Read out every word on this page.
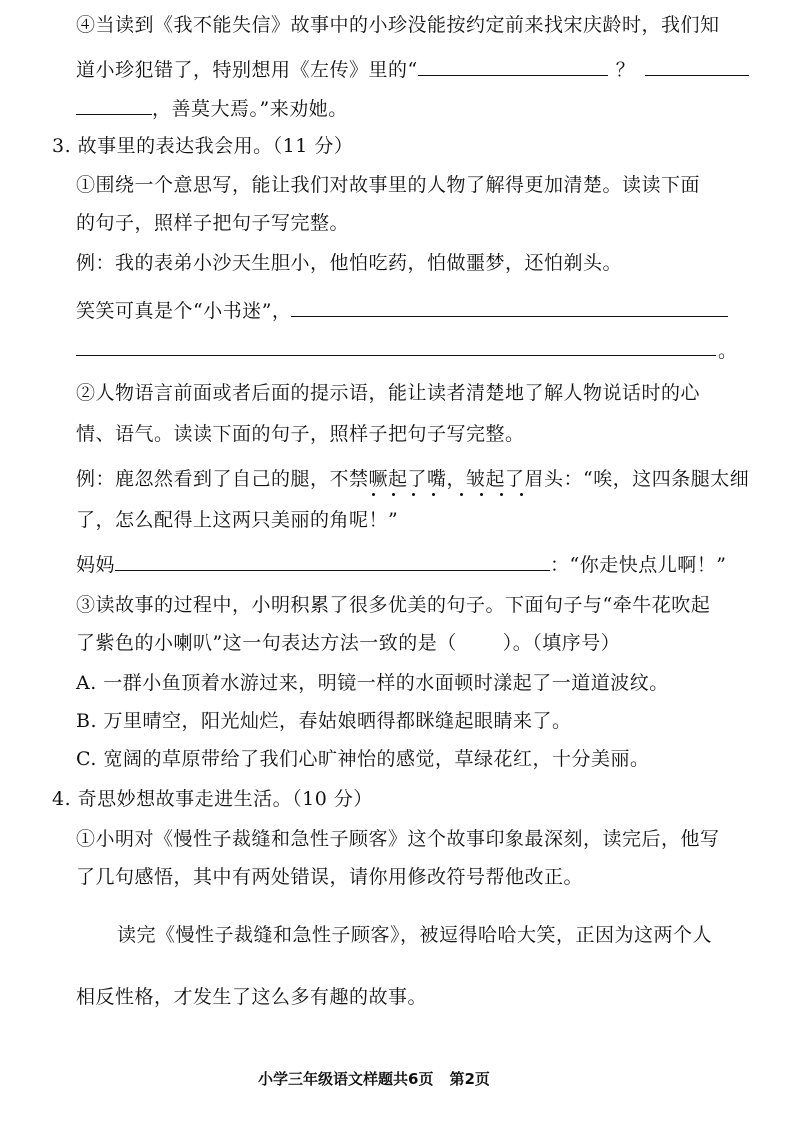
④当读到《我不能失信》故事中的小珍没能按约定前来找宋庆龄时，我们知
道小珍犯错了，特别想用《左传》里的“	？
，善莫大焉。”来劝她。
3. 故事里的表达我会用。（11 分）
①围绕一个意思写，能让我们对故事里的人物了解得更加清楚。读读下面
的句子，照样子把句子写完整。
例：我的表弟小沙天生胆小，他怕吃药，怕做噩梦，还怕剃头。
笑笑可真是个“小书迷”，
。
②人物语言前面或者后面的提示语，能让读者清楚地了解人物说话时的心
情、语气。读读下面的句子，照样子把句子写完整。
例：鹿忽然看到了自己的腿，不禁噘起了嘴，皱起了眉头：“唉，这四条腿太细
了，怎么配得上这两只美丽的角呢！”
妈妈	：“你走快点儿啊！”
③读故事的过程中，小明积累了很多优美的句子。下面句子与“牵牛花吹起
了紫色的小喇叭”这一句表达方法一致的是（ ）。（填序号）
A. 一群小鱼顶着水游过来，明镜一样的水面顿时漾起了一道道波纹。
B. 万里晴空，阳光灿烂，春姑娘晒得都眯缝起眼睛来了。
C. 宽阔的草原带给了我们心旷神怡的感觉，草绿花红，十分美丽。
4. 奇思妙想故事走进生活。（10 分）
①小明对《慢性子裁缝和急性子顾客》这个故事印象最深刻，读完后，他写
了几句感悟，其中有两处错误，请你用修改符号帮他改正。
读完《慢性子裁缝和急性子顾客》，被逗得哈哈大笑，正因为这两个人
相反性格，才发生了这么多有趣的故事。
小学三年级语文样题共6页 第2页
